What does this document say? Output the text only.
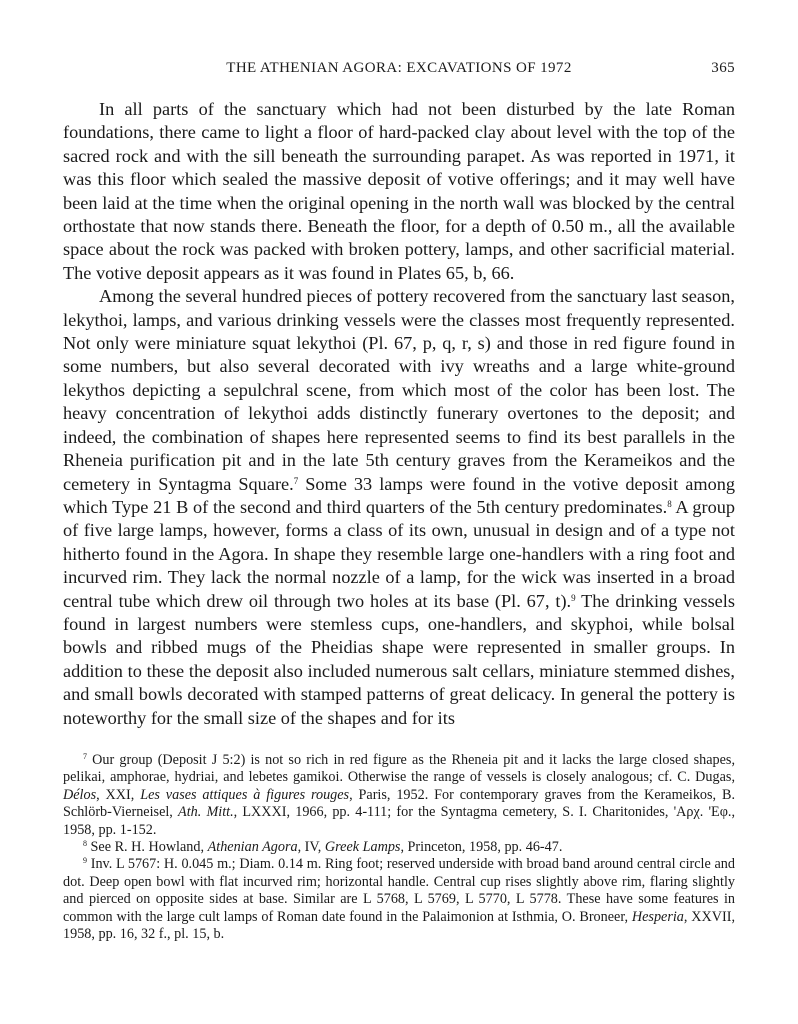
THE ATHENIAN AGORA: EXCAVATIONS OF 1972	365

In all parts of the sanctuary which had not been disturbed by the late Roman foundations, there came to light a floor of hard-packed clay about level with the top of the sacred rock and with the sill beneath the surrounding parapet. As was reported in 1971, it was this floor which sealed the massive deposit of votive offerings; and it may well have been laid at the time when the original opening in the north wall was blocked by the central orthostate that now stands there. Beneath the floor, for a depth of 0.50 m., all the available space about the rock was packed with broken pottery, lamps, and other sacrificial material. The votive deposit appears as it was found in Plates 65, b, 66.

Among the several hundred pieces of pottery recovered from the sanctuary last season, lekythoi, lamps, and various drinking vessels were the classes most frequently represented. Not only were miniature squat lekythoi (Pl. 67, p, q, r, s) and those in red figure found in some numbers, but also several decorated with ivy wreaths and a large white-ground lekythos depicting a sepulchral scene, from which most of the color has been lost. The heavy concentration of lekythoi adds distinctly funerary overtones to the deposit; and indeed, the combination of shapes here represented seems to find its best parallels in the Rheneia purification pit and in the late 5th century graves from the Kerameikos and the cemetery in Syntagma Square.$^7$ Some 33 lamps were found in the votive deposit among which Type 21 B of the second and third quarters of the 5th century predominates.$^8$ A group of five large lamps, however, forms a class of its own, unusual in design and of a type not hitherto found in the Agora. In shape they resemble large one-handlers with a ring foot and incurved rim. They lack the normal nozzle of a lamp, for the wick was inserted in a broad central tube which drew oil through two holes at its base (Pl. 67, t).$^9$ The drinking vessels found in largest numbers were stemless cups, one-handlers, and skyphoi, while bolsal bowls and ribbed mugs of the Pheidias shape were represented in smaller groups. In addition to these the deposit also included numerous salt cellars, miniature stemmed dishes, and small bowls decorated with stamped patterns of great delicacy. In general the pottery is noteworthy for the small size of the shapes and for its

$^7$ Our group (Deposit J 5:2) is not so rich in red figure as the Rheneia pit and it lacks the large closed shapes, pelikai, amphorae, hydriai, and lebetes gamikoi. Otherwise the range of vessels is closely analogous; cf. C. Dugas, Délos, XXI, Les vases attiques à figures rouges, Paris, 1952. For contemporary graves from the Kerameikos, B. Schlörb-Vierneisel, Ath. Mitt., LXXXI, 1966, pp. 4-111; for the Syntagma cemetery, S. I. Charitonides, 'Aρχ. 'Eφ., 1958, pp. 1-152.

$^8$ See R. H. Howland, Athenian Agora, IV, Greek Lamps, Princeton, 1958, pp. 46-47.

$^9$ Inv. L 5767: H. 0.045 m.; Diam. 0.14 m. Ring foot; reserved underside with broad band around central circle and dot. Deep open bowl with flat incurved rim; horizontal handle. Central cup rises slightly above rim, flaring slightly and pierced on opposite sides at base. Similar are L 5768, L 5769, L 5770, L 5778. These have some features in common with the large cult lamps of Roman date found in the Palaimonion at Isthmia, O. Broneer, Hesperia, XXVII, 1958, pp. 16, 32 f., pl. 15, b.
